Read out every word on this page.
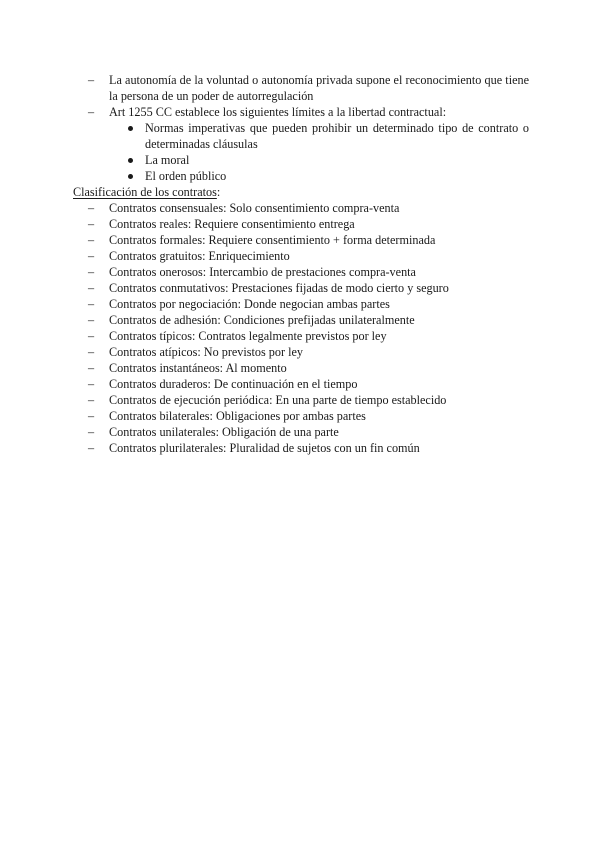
– La autonomía de la voluntad o autonomía privada supone el reconocimiento que tiene la persona de un poder de autorregulación
– Art 1255 CC establece los siguientes límites a la libertad contractual:
Normas imperativas que pueden prohibir un determinado tipo de contrato o determinadas cláusulas
La moral
El orden público
Clasificación de los contratos:
– Contratos consensuales: Solo consentimiento compra-venta
– Contratos reales: Requiere consentimiento entrega
– Contratos formales: Requiere consentimiento + forma determinada
– Contratos gratuitos: Enriquecimiento
– Contratos onerosos: Intercambio de prestaciones compra-venta
– Contratos conmutativos: Prestaciones fijadas de modo cierto y seguro
– Contratos por negociación: Donde negocian ambas partes
– Contratos de adhesión: Condiciones prefijadas unilateralmente
– Contratos típicos: Contratos legalmente previstos por ley
– Contratos atípicos: No previstos por ley
– Contratos instantáneos: Al momento
– Contratos duraderos: De continuación en el tiempo
– Contratos de ejecución periódica: En una parte de tiempo establecido
– Contratos bilaterales: Obligaciones por ambas partes
– Contratos unilaterales: Obligación de una parte
– Contratos plurilaterales: Pluralidad de sujetos con un fin común
